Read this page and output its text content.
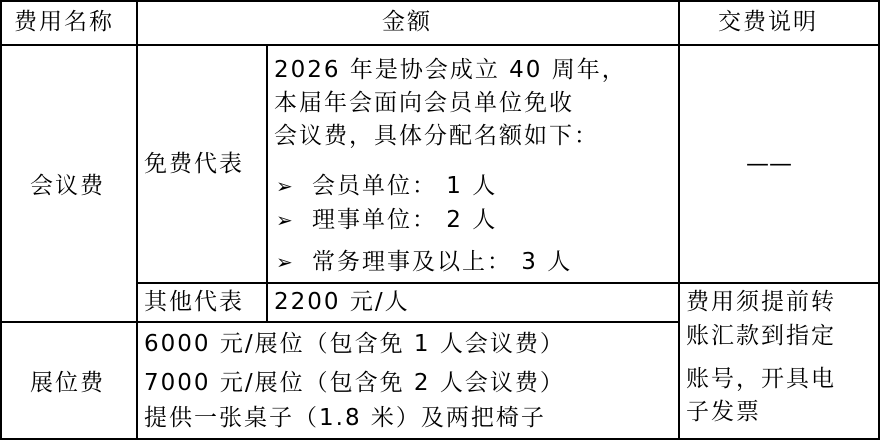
费用名称	金额	交费说明
会议费
免费代表
2026 年是协会成立 40 周年，
本届年会面向会员单位免收
会议费，具体分配名额如下：
➢ 会员单位： 1 人
➢ 理事单位： 2 人
➢ 常务理事及以上： 3 人
——
其他代表 2200 元/人
展位费
6000 元/展位（包含免 1 人会议费）
7000 元/展位（包含免 2 人会议费）
提供一张桌子（1.8 米）及两把椅子
费用须提前转
账汇款到指定
账号，开具电
子发票
